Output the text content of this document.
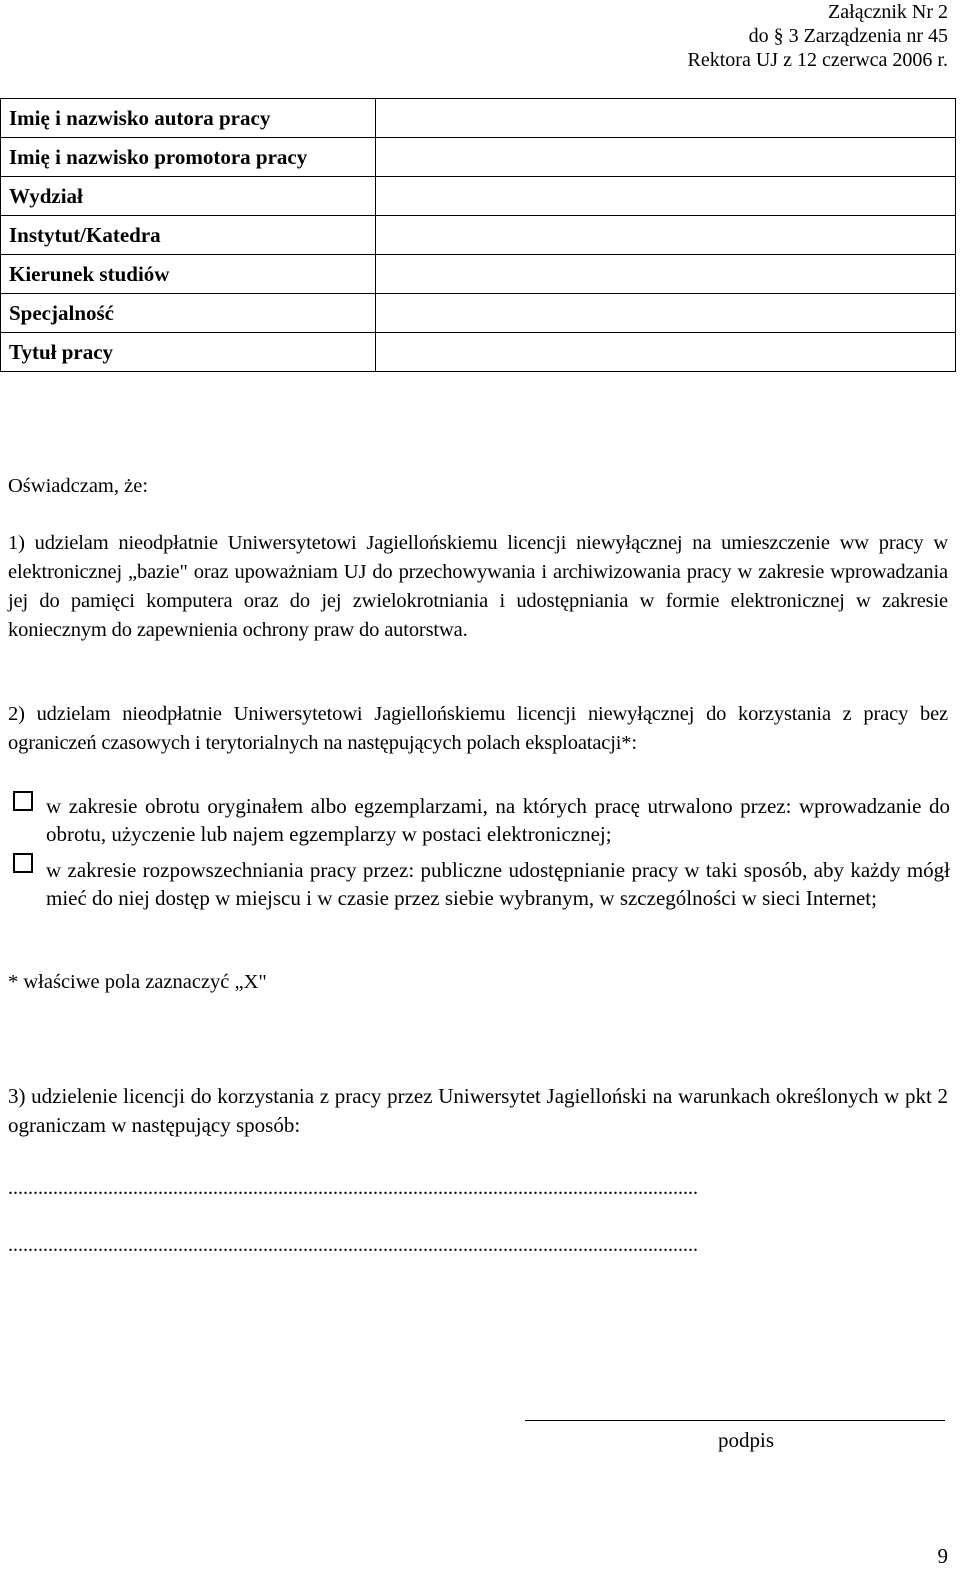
Załącznik Nr 2
do § 3 Zarządzenia nr 45
Rektora UJ z 12 czerwca 2006 r.
Imię i nazwisko autora pracy	
Imię i nazwisko promotora pracy	
Wydział	
Instytut/Katedra	
Kierunek studiów	
Specjalność	
Tytuł pracy	
Oświadczam, że:
1) udzielam nieodpłatnie Uniwersytetowi Jagiellońskiemu licencji niewyłącznej na umieszczenie ww pracy w elektronicznej „bazie" oraz upoważniam UJ do przechowywania i archiwizowania pracy w zakresie wprowadzania jej do pamięci komputera oraz do jej zwielokrotniania i udostępniania w formie elektronicznej w zakresie koniecznym do zapewnienia ochrony praw do autorstwa.
2) udzielam nieodpłatnie Uniwersytetowi Jagiellońskiemu licencji niewyłącznej do korzystania z pracy bez ograniczeń czasowych i terytorialnych na następujących polach eksploatacji*:
w zakresie obrotu oryginałem albo egzemplarzami, na których pracę utrwalono przez: wprowadzanie do obrotu, użyczenie lub najem egzemplarzy w postaci elektronicznej;
w zakresie rozpowszechniania pracy przez: publiczne udostępnianie pracy w taki sposób, aby każdy mógł mieć do niej dostęp w miejscu i w czasie przez siebie wybranym, w szczególności w sieci Internet;
* właściwe pola zaznaczyć „X"
3) udzielenie licencji do korzystania z pracy przez Uniwersytet Jagielloński na warunkach określonych w pkt 2 ograniczam w następujący sposób:
..........................................................................................................................................
..........................................................................................................................................
podpis
9
